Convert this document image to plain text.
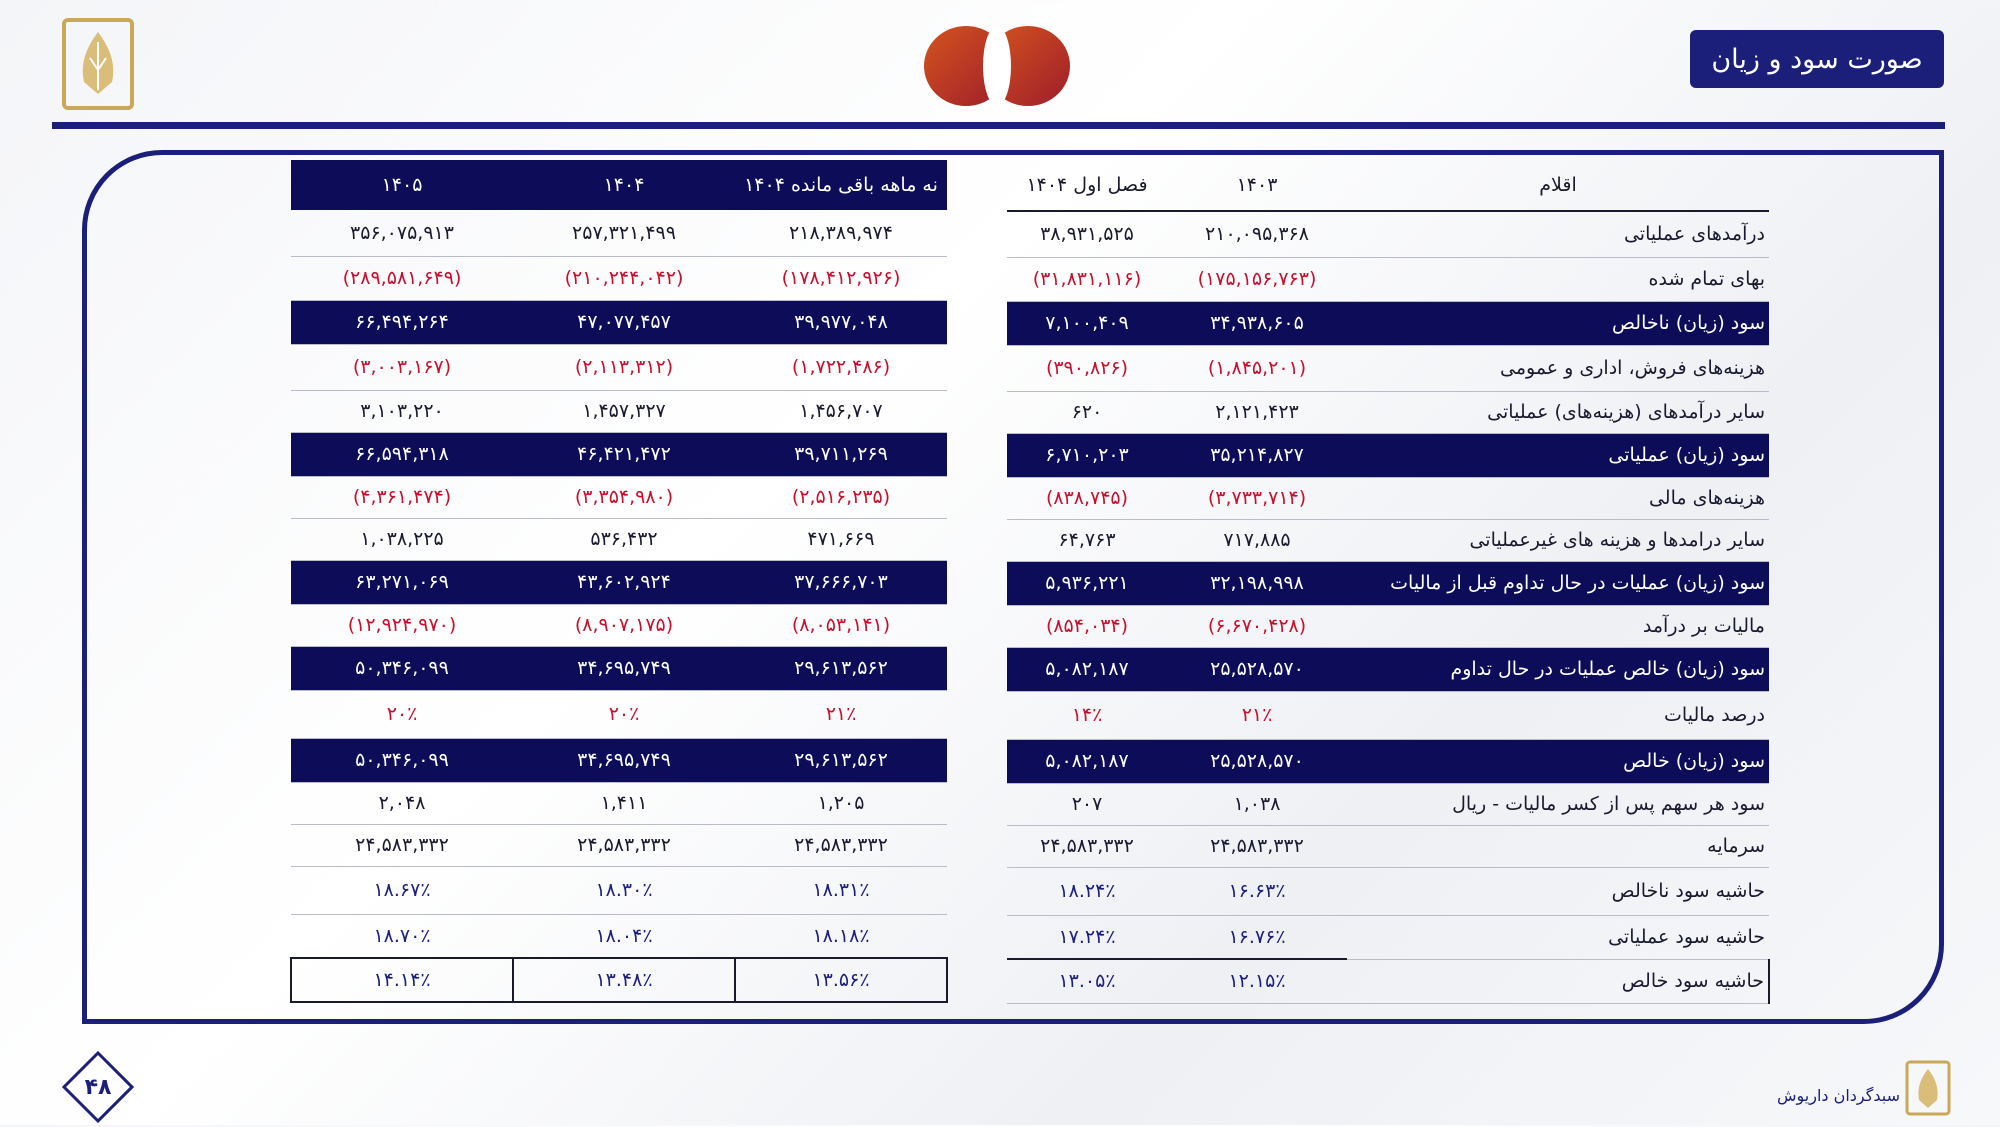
صورت سود و زیان
۱۴۰۵	۱۴۰۴	نه ماهه باقی مانده ۱۴۰۴
۳۵۶,۰۷۵,۹۱۳	۲۵۷,۳۲۱,۴۹۹	۲۱۸,۳۸۹,۹۷۴
(۲۸۹,۵۸۱,۶۴۹)	(۲۱۰,۲۴۴,۰۴۲)	(۱۷۸,۴۱۲,۹۲۶)
۶۶,۴۹۴,۲۶۴	۴۷,۰۷۷,۴۵۷	۳۹,۹۷۷,۰۴۸
(۳,۰۰۳,۱۶۷)	(۲,۱۱۳,۳۱۲)	(۱,۷۲۲,۴۸۶)
۳,۱۰۳,۲۲۰	۱,۴۵۷,۳۲۷	۱,۴۵۶,۷۰۷
۶۶,۵۹۴,۳۱۸	۴۶,۴۲۱,۴۷۲	۳۹,۷۱۱,۲۶۹
(۴,۳۶۱,۴۷۴)	(۳,۳۵۴,۹۸۰)	(۲,۵۱۶,۲۳۵)
۱,۰۳۸,۲۲۵	۵۳۶,۴۳۲	۴۷۱,۶۶۹
۶۳,۲۷۱,۰۶۹	۴۳,۶۰۲,۹۲۴	۳۷,۶۶۶,۷۰۳
(۱۲,۹۲۴,۹۷۰)	(۸,۹۰۷,۱۷۵)	(۸,۰۵۳,۱۴۱)
۵۰,۳۴۶,۰۹۹	۳۴,۶۹۵,۷۴۹	۲۹,۶۱۳,۵۶۲
۲۰٪	۲۰٪	۲۱٪
۵۰,۳۴۶,۰۹۹	۳۴,۶۹۵,۷۴۹	۲۹,۶۱۳,۵۶۲
۲,۰۴۸	۱,۴۱۱	۱,۲۰۵
۲۴,۵۸۳,۳۳۲	۲۴,۵۸۳,۳۳۲	۲۴,۵۸۳,۳۳۲
۱۸.۶۷٪	۱۸.۳۰٪	۱۸.۳۱٪
۱۸.۷۰٪	۱۸.۰۴٪	۱۸.۱۸٪
۱۴.۱۴٪	۱۳.۴۸٪	۱۳.۵۶٪
فصل اول ۱۴۰۴	۱۴۰۳	اقلام
۳۸,۹۳۱,۵۲۵	۲۱۰,۰۹۵,۳۶۸	درآمدهای عملیاتی
(۳۱,۸۳۱,۱۱۶)	(۱۷۵,۱۵۶,۷۶۳)	بهای تمام شده
۷,۱۰۰,۴۰۹	۳۴,۹۳۸,۶۰۵	سود (زیان) ناخالص
(۳۹۰,۸۲۶)	(۱,۸۴۵,۲۰۱)	هزینه‌های فروش، اداری و عمومی
۶۲۰	۲,۱۲۱,۴۲۳	سایر درآمدهای (هزینه‌های) عملیاتی
۶,۷۱۰,۲۰۳	۳۵,۲۱۴,۸۲۷	سود (زیان) عملیاتی
(۸۳۸,۷۴۵)	(۳,۷۳۳,۷۱۴)	هزینه‌های مالی
۶۴,۷۶۳	۷۱۷,۸۸۵	سایر درامدها و هزینه های غیرعملیاتی
۵,۹۳۶,۲۲۱	۳۲,۱۹۸,۹۹۸	سود (زیان) عملیات در حال تداوم قبل از مالیات
(۸۵۴,۰۳۴)	(۶,۶۷۰,۴۲۸)	مالیات بر درآمد
۵,۰۸۲,۱۸۷	۲۵,۵۲۸,۵۷۰	سود (زیان) خالص عملیات در حال تداوم
۱۴٪	۲۱٪	درصد مالیات
۵,۰۸۲,۱۸۷	۲۵,۵۲۸,۵۷۰	سود (زیان) خالص
۲۰۷	۱,۰۳۸	سود هر سهم پس از کسر مالیات - ریال
۲۴,۵۸۳,۳۳۲	۲۴,۵۸۳,۳۳۲	سرمایه
۱۸.۲۴٪	۱۶.۶۳٪	حاشیه سود ناخالص
۱۷.۲۴٪	۱۶.۷۶٪	حاشیه سود عملیاتی
۱۳.۰۵٪	۱۲.۱۵٪	حاشیه سود خالص
۴۸	سبدگردان داریوش
